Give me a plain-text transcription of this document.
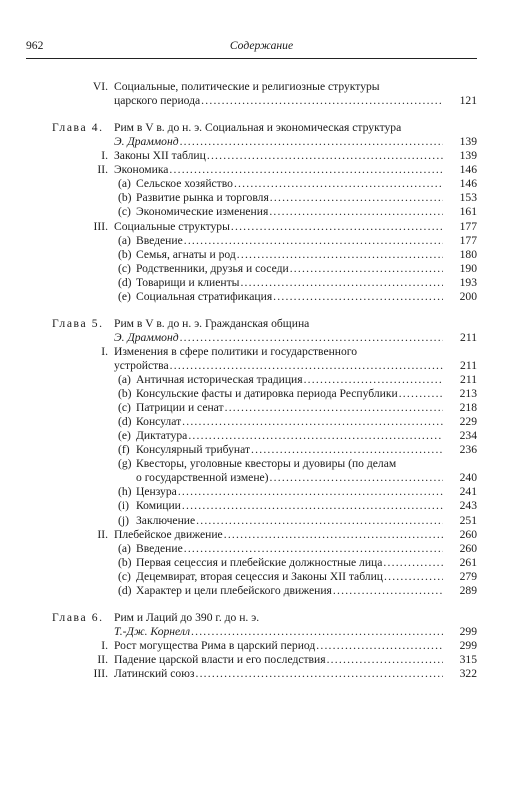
962	Содержание
VI. Социальные, политические и религиозные структуры
царского периода .....	121
Глава 4. Рим в V в. до н. э. Социальная и экономическая структура
Э. Драммонд .....	139
I. Законы XII таблиц .....	139
II. Экономика .....	146
(a) Сельское хозяйство .....	146
(b) Развитие рынка и торговля .....	153
(c) Экономические изменения .....	161
III. Социальные структуры .....	177
(a) Введение .....	177
(b) Семья, агнаты и род .....	180
(c) Родственники, друзья и соседи .....	190
(d) Товарищи и клиенты .....	193
(e) Социальная стратификация .....	200
Глава 5. Рим в V в. до н. э. Гражданская община
Э. Драммонд .....	211
I. Изменения в сфере политики и государственного
устройства .....	211
(a) Античная историческая традиция .....	211
(b) Консульские фасты и датировка периода Республики .....	213
(c) Патриции и сенат .....	218
(d) Консулат .....	229
(e) Диктатура .....	234
(f) Консулярный трибунат .....	236
(g) Квесторы, уголовные квесторы и дуовиры (по делам
о государственной измене) .....	240
(h) Цензура .....	241
(i) Комиции .....	243
(j) Заключение .....	251
II. Плебейское движение .....	260
(a) Введение .....	260
(b) Первая сецессия и плебейские должностные лица .....	261
(c) Децемвират, вторая сецессия и Законы XII таблиц .....	279
(d) Характер и цели плебейского движения .....	289
Глава 6. Рим и Лаций до 390 г. до н. э.
Т.-Дж. Корнелл .....	299
I. Рост могущества Рима в царский период .....	299
II. Падение царской власти и его последствия .....	315
III. Латинский союз .....	322
